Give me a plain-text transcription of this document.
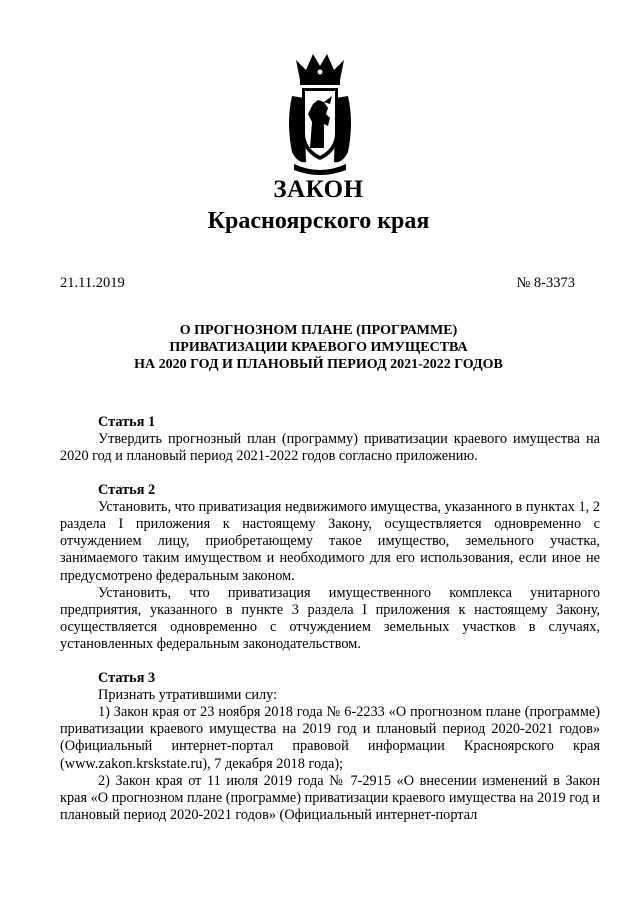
ЗАКОН
Красноярского края
21.11.2019	№ 8-3373
О ПРОГНОЗНОМ ПЛАНЕ (ПРОГРАММЕ)
ПРИВАТИЗАЦИИ КРАЕВОГО ИМУЩЕСТВА
НА 2020 ГОД И ПЛАНОВЫЙ ПЕРИОД 2021-2022 ГОДОВ
Статья 1
Утвердить прогнозный план (программу) приватизации краевого имущества на 2020 год и плановый период 2021-2022 годов согласно приложению.
Статья 2
Установить, что приватизация недвижимого имущества, указанного в пунктах 1, 2 раздела I приложения к настоящему Закону, осуществляется одновременно с отчуждением лицу, приобретающему такое имущество, земельного участка, занимаемого таким имуществом и необходимого для его использования, если иное не предусмотрено федеральным законом.
Установить, что приватизация имущественного комплекса унитарного предприятия, указанного в пункте 3 раздела I приложения к настоящему Закону, осуществляется одновременно с отчуждением земельных участков в случаях, установленных федеральным законодательством.
Статья 3
Признать утратившими силу:
1) Закон края от 23 ноября 2018 года № 6-2233 «О прогнозном плане (программе) приватизации краевого имущества на 2019 год и плановый период 2020-2021 годов» (Официальный интернет-портал правовой информации Красноярского края (www.zakon.krskstate.ru), 7 декабря 2018 года);
2) Закон края от 11 июля 2019 года № 7-2915 «О внесении изменений в Закон края «О прогнозном плане (программе) приватизации краевого имущества на 2019 год и плановый период 2020-2021 годов» (Официальный интернет-портал
